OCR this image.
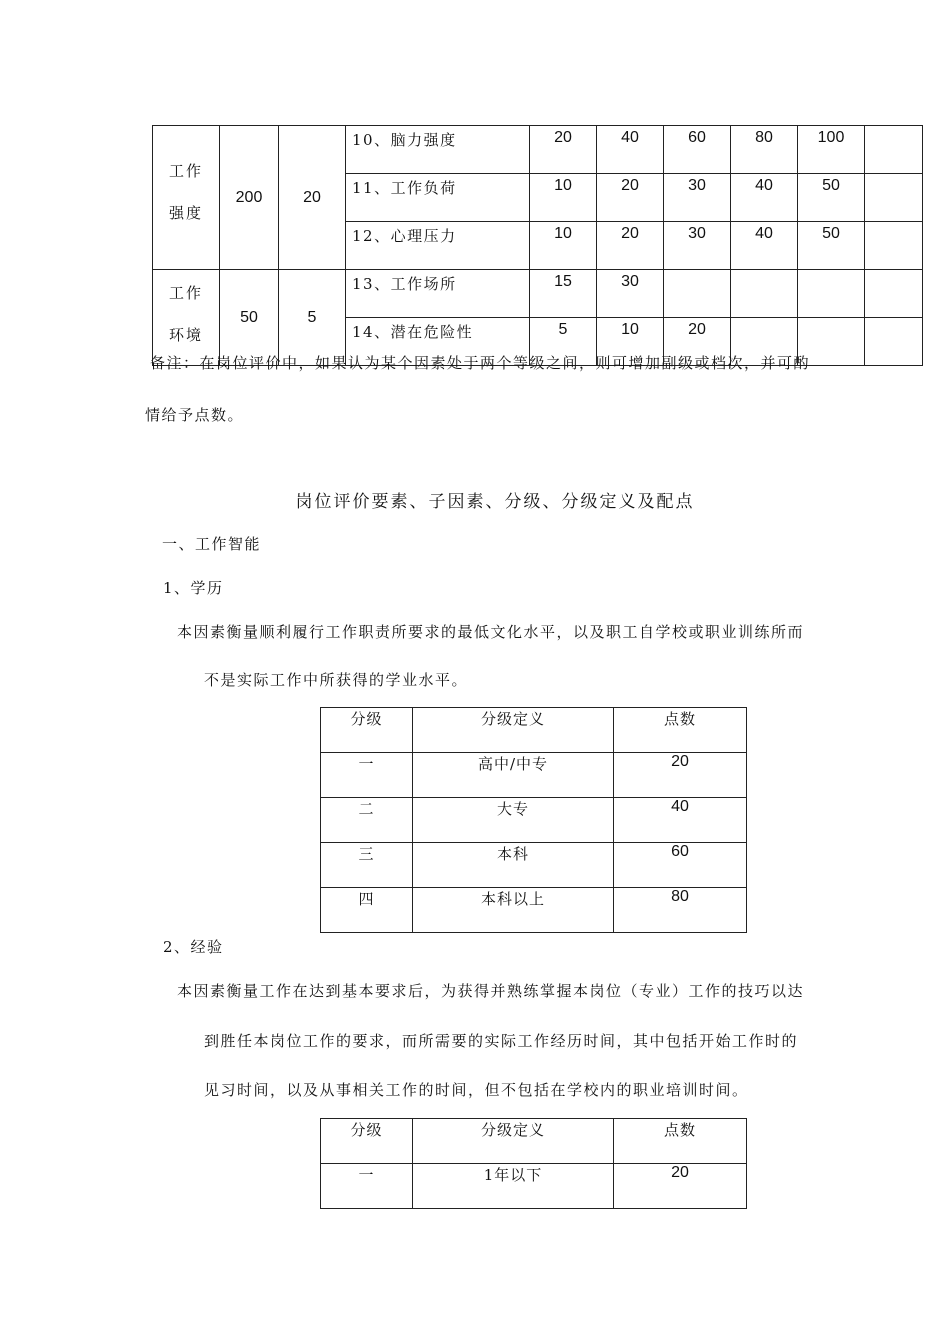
工作
强度	200	20	10、脑力强度	20	40	60	80	100	
			11、工作负荷	10	20	30	40	50	
			12、心理压力	10	20	30	40	50	

工作
环境	50	5	13、工作场所	15	30				
			14、潜在危险性	5	10	20			
备注：在岗位评价中，如果认为某个因素处于两个等级之间，则可增加副级或档次，并可酌
情给予点数。
岗位评价要素、子因素、分级、分级定义及配点
一、工作智能
1、学历
本因素衡量顺利履行工作职责所要求的最低文化水平，以及职工自学校或职业训练所而
不是实际工作中所获得的学业水平。
分级	分级定义	点数
一	高中/中专	20
二	大专	40
三	本科	60
四	本科以上	80
2、经验
本因素衡量工作在达到基本要求后，为获得并熟练掌握本岗位（专业）工作的技巧以达
到胜任本岗位工作的要求，而所需要的实际工作经历时间，其中包括开始工作时的
见习时间，以及从事相关工作的时间，但不包括在学校内的职业培训时间。
分级	分级定义	点数
一	1年以下	20
